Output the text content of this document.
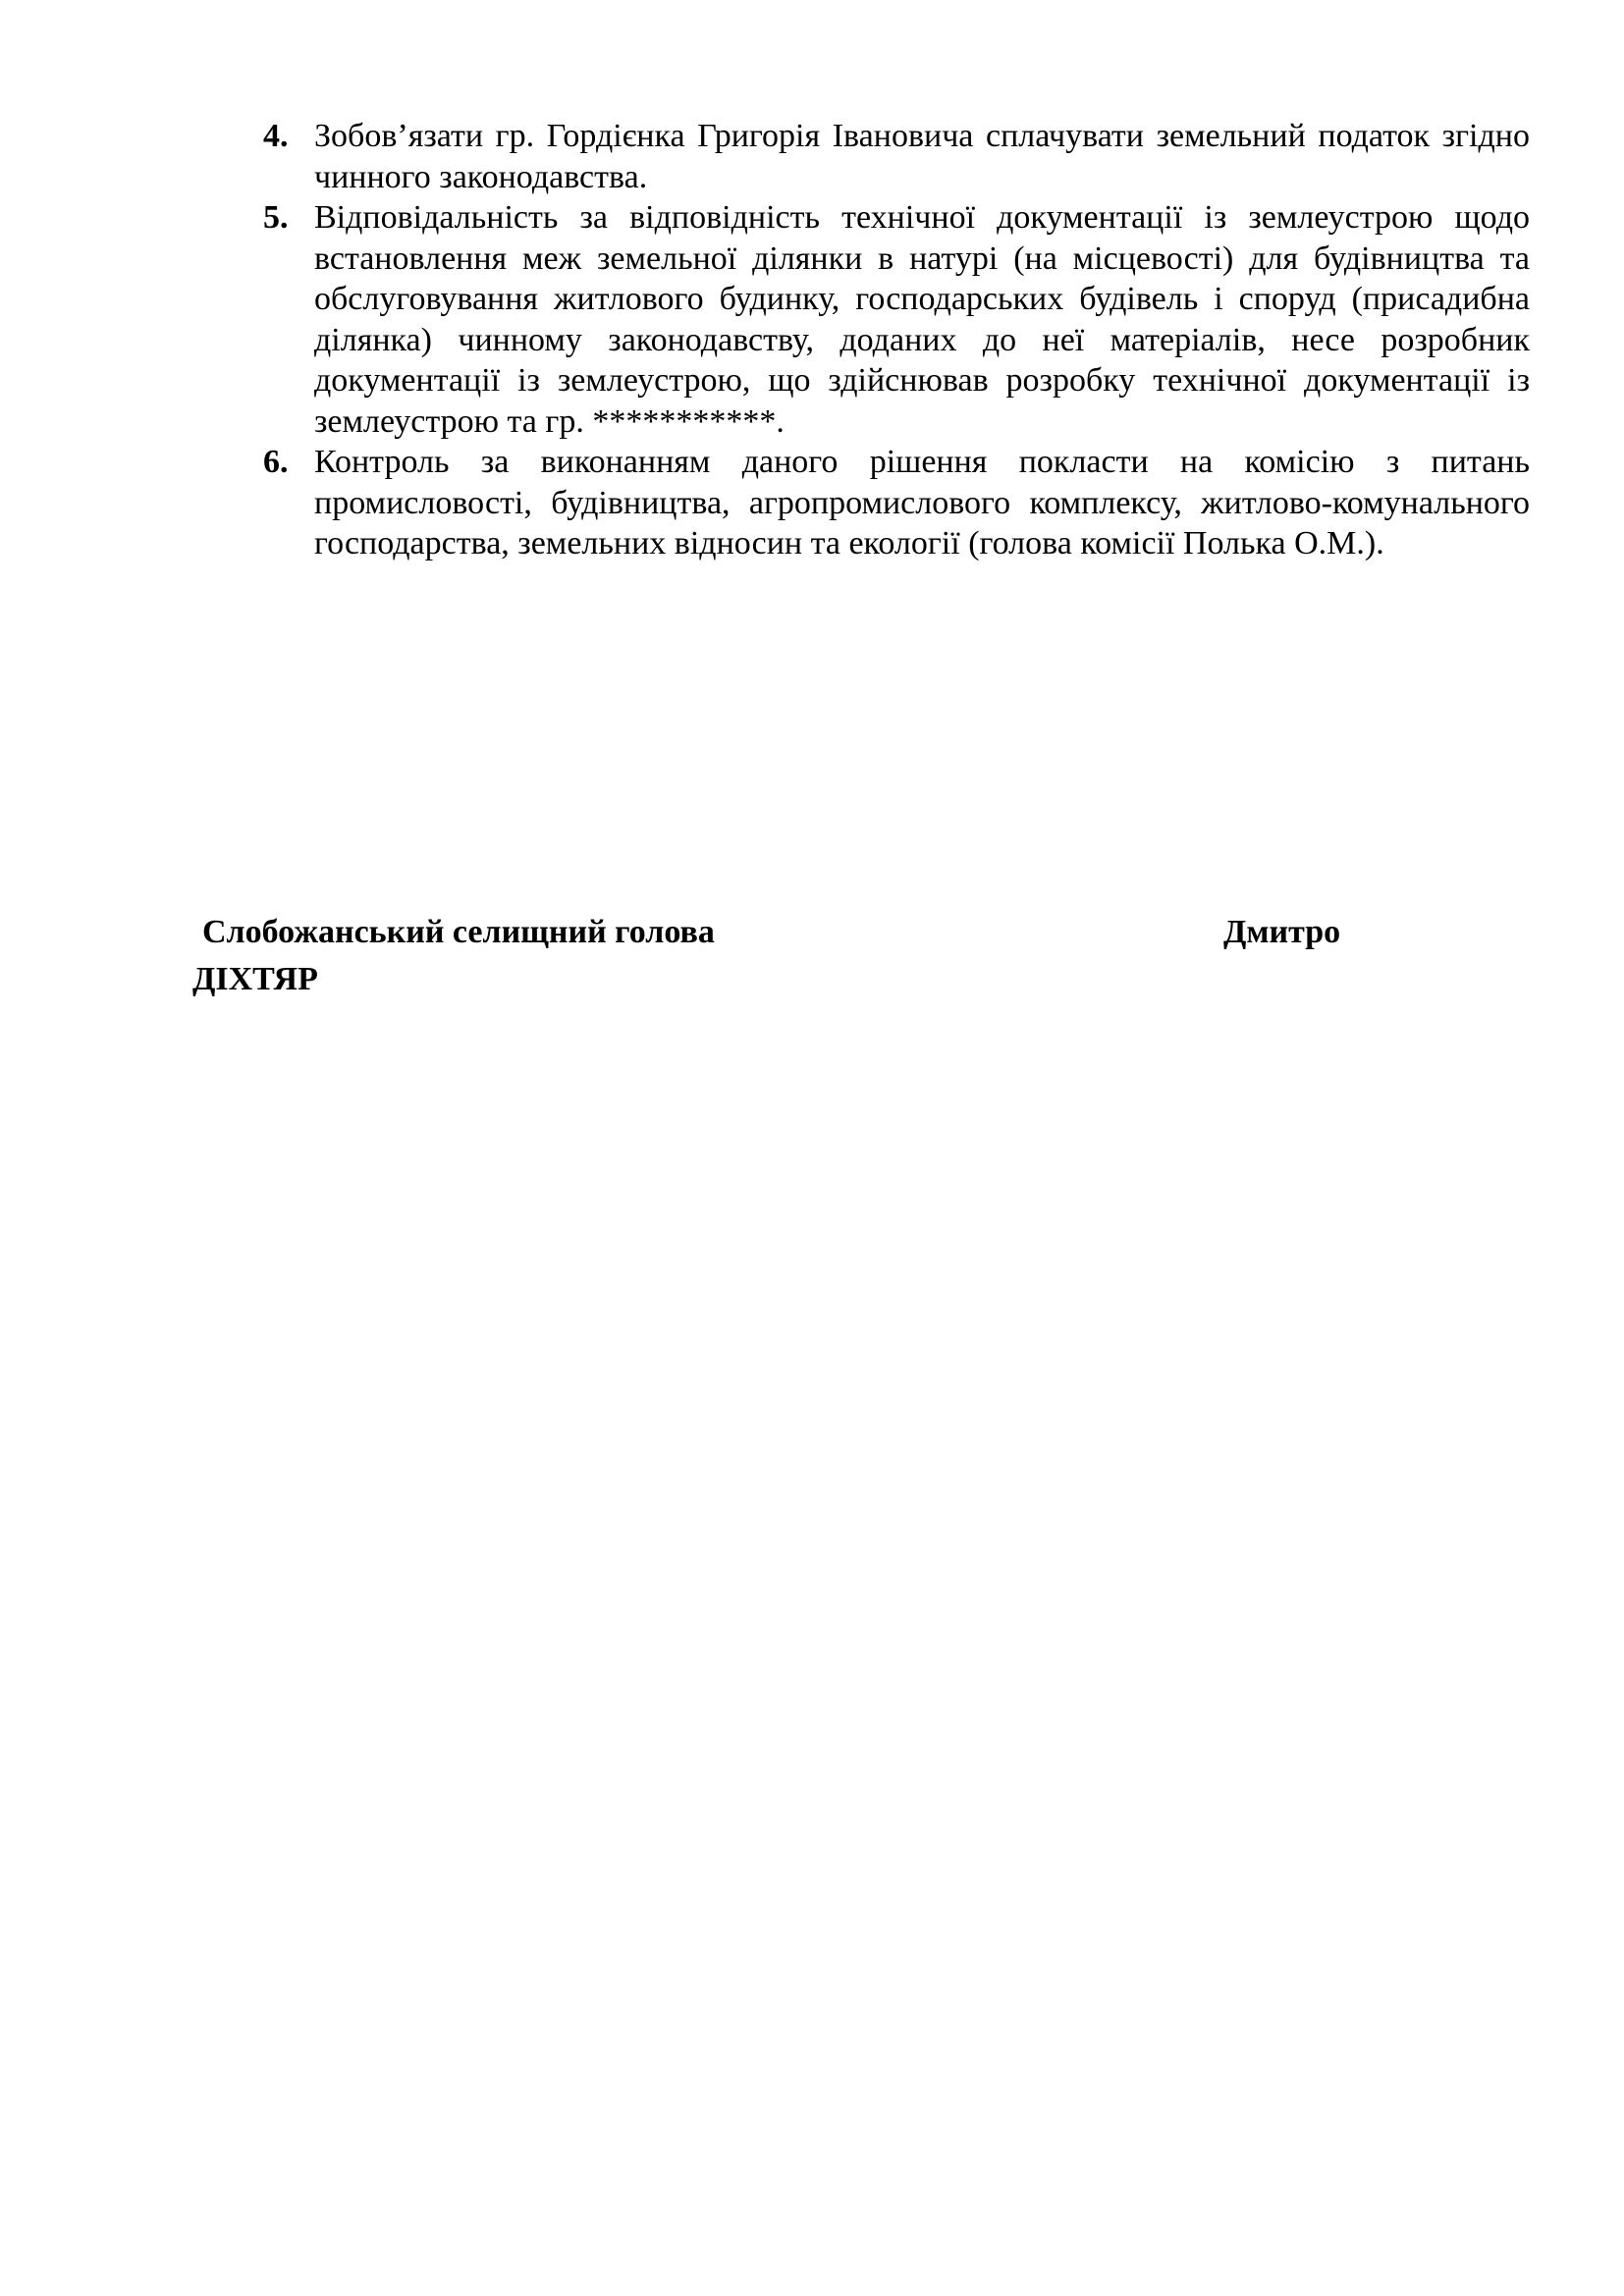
4. Зобов’язати гр. Гордієнка Григорія Івановича сплачувати земельний податок згідно чинного законодавства.
5. Відповідальність за відповідність технічної документації із землеустрою щодо встановлення меж земельної ділянки в натурі (на місцевості) для будівництва та обслуговування житлового будинку, господарських будівель і споруд (присадибна ділянка) чинному законодавству, доданих до неї матеріалів, несе розробник документації із землеустрою, що здійснював розробку технічної документації із землеустрою та гр. ***********.
6. Контроль за виконанням даного рішення покласти на комісію з питань промисловості, будівництва, агропромислового комплексу, житлово-комунального господарства, земельних відносин та екології (голова комісії Полька О.М.).
Слобожанський селищний голова	Дмитро
ДІХТЯР
